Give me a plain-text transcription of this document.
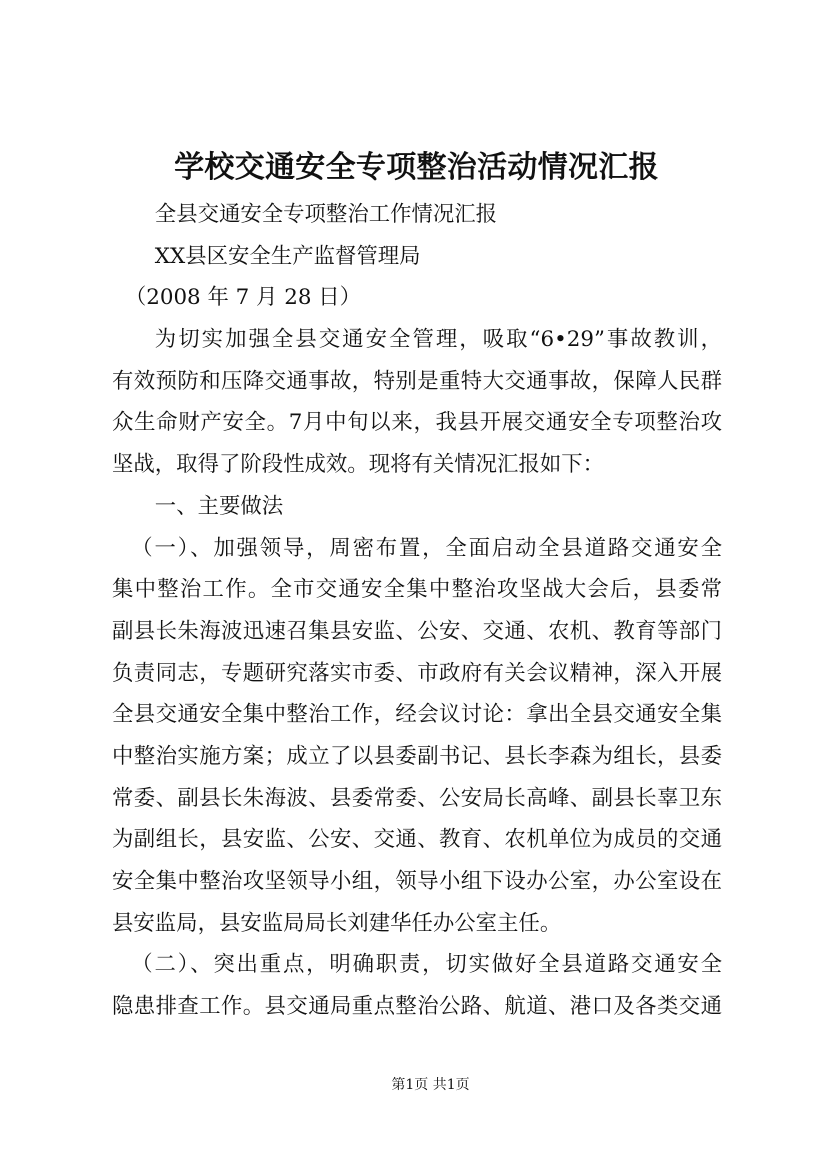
学校交通安全专项整治活动情况汇报
全县交通安全专项整治工作情况汇报
XX县区安全生产监督管理局
（2008 年 7 月 28 日）
为切实加强全县交通安全管理，吸取“6•29”事故教训，
有效预防和压降交通事故，特别是重特大交通事故，保障人民群
众生命财产安全。7月中旬以来，我县开展交通安全专项整治攻
坚战，取得了阶段性成效。现将有关情况汇报如下：
一、主要做法
（一）、加强领导，周密布置，全面启动全县道路交通安全
集中整治工作。全市交通安全集中整治攻坚战大会后，县委常
副县长朱海波迅速召集县安监、公安、交通、农机、教育等部门
负责同志，专题研究落实市委、市政府有关会议精神，深入开展
全县交通安全集中整治工作，经会议讨论：拿出全县交通安全集
中整治实施方案；成立了以县委副书记、县长李森为组长，县委
常委、副县长朱海波、县委常委、公安局长高峰、副县长辜卫东
为副组长，县安监、公安、交通、教育、农机单位为成员的交通
安全集中整治攻坚领导小组，领导小组下设办公室，办公室设在
县安监局，县安监局局长刘建华任办公室主任。
（二）、突出重点，明确职责，切实做好全县道路交通安全
隐患排查工作。县交通局重点整治公路、航道、港口及各类交通
第1页 共1页
